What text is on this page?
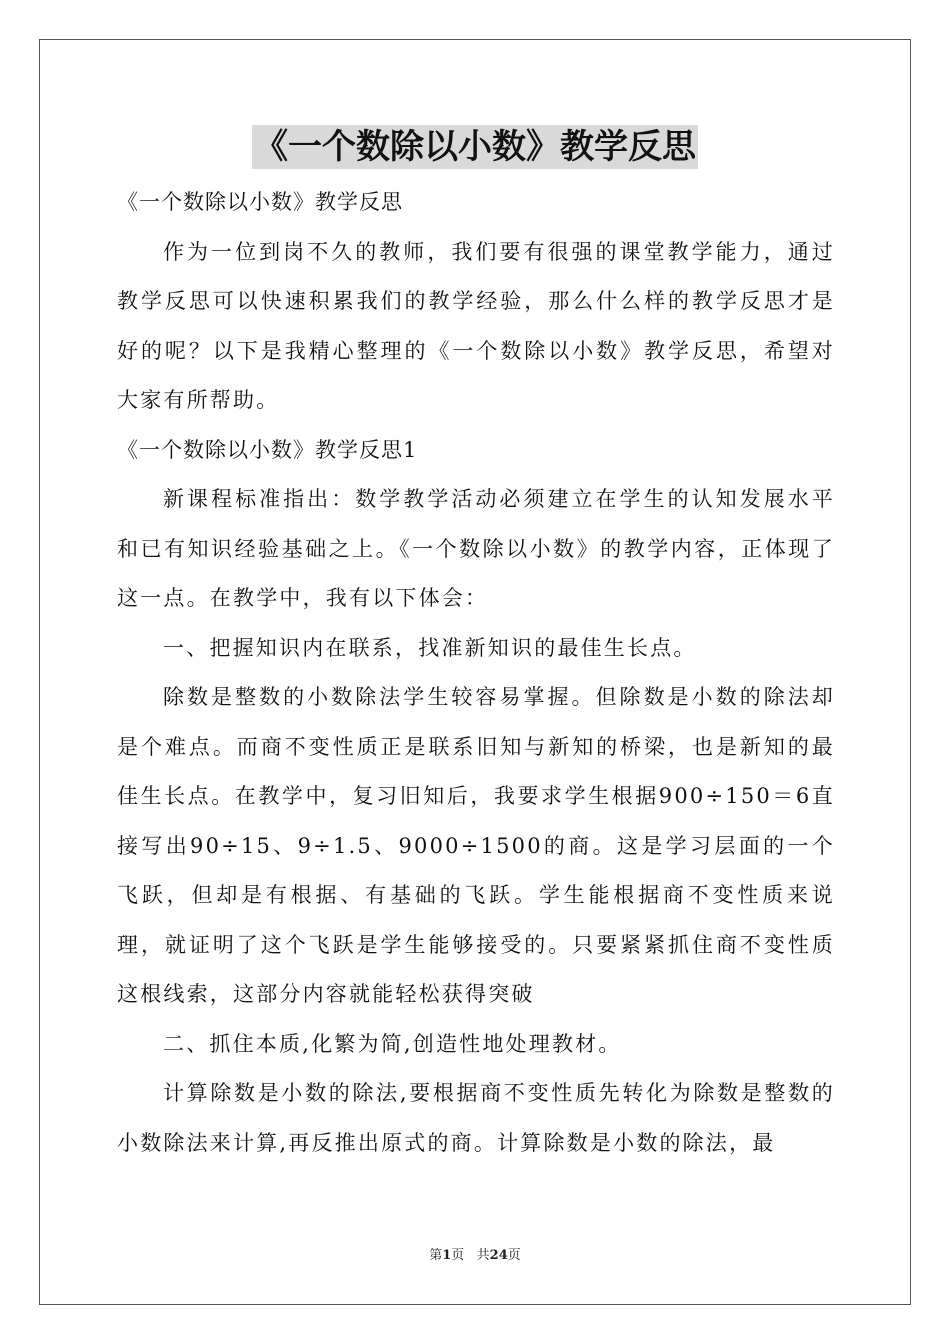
《一个数除以小数》教学反思

《一个数除以小数》教学反思

作为一位到岗不久的教师，我们要有很强的课堂教学能力，通过教学反思可以快速积累我们的教学经验，那么什么样的教学反思才是好的呢？以下是我精心整理的《一个数除以小数》教学反思，希望对大家有所帮助。

《一个数除以小数》教学反思1

新课程标准指出：数学教学活动必须建立在学生的认知发展水平和已有知识经验基础之上。《一个数除以小数》的教学内容，正体现了这一点。在教学中，我有以下体会：

一、把握知识内在联系，找准新知识的最佳生长点。

除数是整数的小数除法学生较容易掌握。但除数是小数的除法却是个难点。而商不变性质正是联系旧知与新知的桥梁，也是新知的最佳生长点。在教学中，复习旧知后，我要求学生根据900÷150＝6直接写出90÷15、9÷1.5、9000÷1500的商。这是学习层面的一个飞跃，但却是有根据、有基础的飞跃。学生能根据商不变性质来说理，就证明了这个飞跃是学生能够接受的。只要紧紧抓住商不变性质这根线索，这部分内容就能轻松获得突破

二、抓住本质,化繁为简,创造性地处理教材。

计算除数是小数的除法,要根据商不变性质先转化为除数是整数的小数除法来计算,再反推出原式的商。计算除数是小数的除法，最

第1页   共24页
